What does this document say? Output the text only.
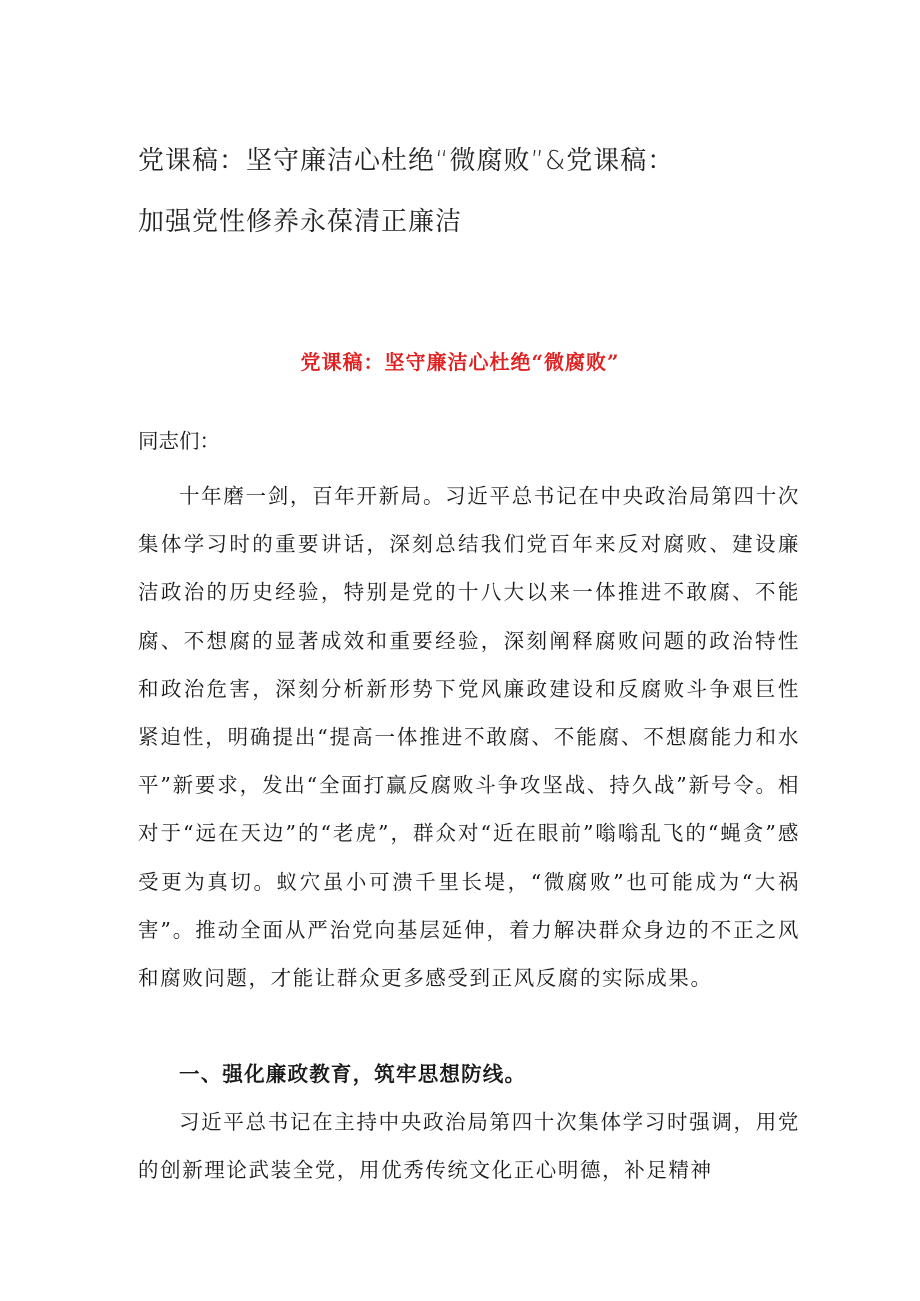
党课稿：坚守廉洁心杜绝“微腐败”&党课稿：
加强党性修养永葆清正廉洁
党课稿：坚守廉洁心杜绝“微腐败”
同志们：

十年磨一剑，百年开新局。习近平总书记在中央政治局第四十次集体学习时的重要讲话，深刻总结我们党百年来反对腐败、建设廉洁政治的历史经验，特别是党的十八大以来一体推进不敢腐、不能腐、不想腐的显著成效和重要经验，深刻阐释腐败问题的政治特性和政治危害，深刻分析新形势下党风廉政建设和反腐败斗争艰巨性紧迫性，明确提出“提高一体推进不敢腐、不能腐、不想腐能力和水平”新要求，发出“全面打赢反腐败斗争攻坚战、持久战”新号令。相对于“远在天边”的“老虎”，群众对“近在眼前”嗡嗡乱飞的“蝇贪”感受更为真切。蚁穴虽小可溃千里长堤，“微腐败”也可能成为“大祸害”。推动全面从严治党向基层延伸，着力解决群众身边的不正之风和腐败问题，才能让群众更多感受到正风反腐的实际成果。

一、强化廉政教育，筑牢思想防线。

习近平总书记在主持中央政治局第四十次集体学习时强调，用党的创新理论武装全党，用优秀传统文化正心明德，补足精神
